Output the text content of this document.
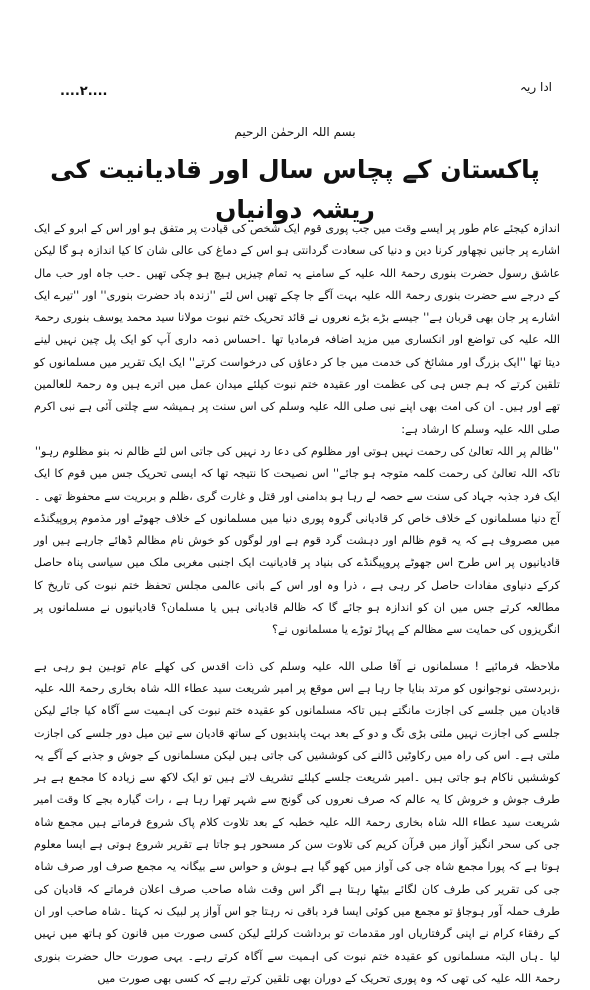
ادا ریہ
....٢....
بسم اللہ الرحمٰن الرحیم
پاکستان کے پچاس سال اور قادیانیت کی ریشہ دوانیاں

اندازہ کیجئے عام طور پر ایسے وقت میں جب پوری قوم ایک شخص کی قیادت پر متفق ہو اور اس کے ابرو کے ایک اشارے پر جانیں نچھاور کرنا دین و دنیا کی سعادت گردانتی ہو اس کے دماغ کی عالی شان کا کیا اندازہ ہو گا لیکن عاشق رسول حضرت بنوری رحمۃ اللہ علیہ کے سامنے یہ تمام چیزیں ہیچ ہو چکی تھیں ۔حب جاہ اور حب مال کے درجے سے حضرت بنوری رحمۃ اللہ علیہ بہت آگے جا چکے تھیں اس لئے ''زندہ باد حضرت بنوری'' اور ''تیرے ایک اشارے پر جان بھی قربان ہے'' جیسے بڑے بڑے نعروں نے قائد تحریک ختم نبوت مولانا سید محمد یوسف بنوری رحمۃ اللہ علیہ کی تواضع اور انکساری میں مزید اضافہ فرمادیا تھا ۔احساس ذمہ داری آپ کو ایک پل چین نہیں لینے دیتا تھا ''ایک بزرگ اور مشائخ کی خدمت میں جا کر دعاؤں کی درخواست کرتے'' ایک ایک تقریر میں مسلمانوں کو تلقین کرتے کہ ہم جس ہی کی عظمت اور عقیدہ ختم نبوت کیلئے میدان عمل میں اترے ہیں وہ رحمۃ للعالمین تھے اور ہیں۔ ان کی امت بھی اپنے نبی صلی اللہ علیہ وسلم کی اس سنت پر ہمیشہ سے چلتی آئی ہے نبی اکرم صلی اللہ علیہ وسلم کا ارشاد ہے:

''ظالم پر اللہ تعالیٰ کی رحمت نہیں ہوتی اور مظلوم کی دعا رد نہیں کی جاتی اس لئے ظالم نہ بنو مظلوم رہو''

تاکہ اللہ تعالیٰ کی رحمت کلمہ متوجہ ہو جائے'' اس نصیحت کا نتیجہ تھا کہ ایسی تحریک جس میں قوم کا ایک ایک فرد جذبہ جہاد کی سنت سے حصہ لے رہا ہو بدامنی اور قتل و غارت گری ،ظلم و بربریت سے محفوظ تھی ۔ آج دنیا مسلمانوں کے خلاف خاص کر قادیانی گروہ پوری دنیا میں مسلمانوں کے خلاف جھوٹے اور مذموم پروپیگنڈے میں مصروف ہے کہ یہ قوم ظالم اور دہشت گرد قوم ہے اور لوگوں کو خوش نام مظالم ڈھائے جارہے ہیں اور قادیانیوں پر اس طرح اس جھوٹے پروپیگنڈے کی بنیاد پر قادیانیت ایک اجنبی مغربی ملک میں سیاسی پناہ حاصل کرکے دنیاوی مفادات حاصل کر رہی ہے ، ذرا وہ اور اس کے بانی عالمی مجلس تحفظ ختم نبوت کی تاریخ کا مطالعہ کرتے جس میں ان کو اندازہ ہو جائے گا کہ ظالم قادیانی ہیں یا مسلمان؟ قادیانیوں نے مسلمانوں پر انگریزوں کی حمایت سے مظالم کے پہاڑ توڑے یا مسلمانوں نے؟

ملاحظہ فرمائیے ! مسلمانوں نے آقا صلی اللہ علیہ وسلم کی ذات اقدس کی کھلے عام توہین ہو رہی ہے ،زبردستی نوجوانوں کو مرتد بنایا جا رہا ہے اس موقع پر امیر شریعت سید عطاء اللہ شاہ بخاری رحمۃ اللہ علیہ قادیان میں جلسے کی اجازت مانگتے ہیں تاکہ مسلمانوں کو عقیدہ ختم نبوت کی اہمیت سے آگاہ کیا جائے لیکن جلسے کی اجازت نہیں ملتی بڑی تگ و دو کے بعد بہت پابندیوں کے ساتھ قادیان سے تین میل دور جلسے کی اجازت ملتی ہے۔ اس کی راہ میں رکاوٹیں ڈالنے کی کوششیں کی جاتی ہیں لیکن مسلمانوں کے جوش و جذبے کے آگے یہ کوششیں ناکام ہو جاتی ہیں ۔امیر شریعت جلسے کیلئے تشریف لاتے ہیں تو ایک لاکھ سے زیادہ کا مجمع ہے ہر طرف جوش و خروش کا یہ عالم کہ صرف نعروں کی گونج سے شہر تھرا رہا ہے ، رات گیارہ بجے کا وقت امیر شریعت سید عطاء اللہ شاہ بخاری رحمۃ اللہ علیہ خطبہ کے بعد تلاوت کلام پاک شروع فرماتے ہیں مجمع شاہ جی کی سحر انگیز آواز میں قرآن کریم کی تلاوت سن کر مسحور ہو جاتا ہے تقریر شروع ہوتی ہے ایسا معلوم ہوتا ہے کہ پورا مجمع شاہ جی کی آواز میں کھو گیا ہے ہوش و حواس سے بیگانہ یہ مجمع صرف اور صرف شاہ جی کی تقریر کی طرف کان لگائے بیٹھا رہتا ہے اگر اس وقت شاہ صاحب صرف اعلان فرماتے کہ قادیان کی طرف حملہ آور ہوجاؤ تو مجمع میں کوئی ایسا فرد باقی نہ رہتا جو اس آواز پر لبیک نہ کہتا ۔شاہ صاحب اور ان کے رفقاء کرام نے اپنی گرفتاریاں اور مقدمات تو برداشت کرلئے لیکن کسی صورت میں قانون کو ہاتھ میں نہیں لیا ۔ہاں البتہ مسلمانوں کو عقیدہ ختم نبوت کی اہمیت سے آگاہ کرتے رہے۔ یہی صورت حال حضرت بنوری رحمۃ اللہ علیہ کی تھی کہ وہ پوری تحریک کے دوران بھی تلقین کرتے رہے کہ کسی بھی صورت میں
